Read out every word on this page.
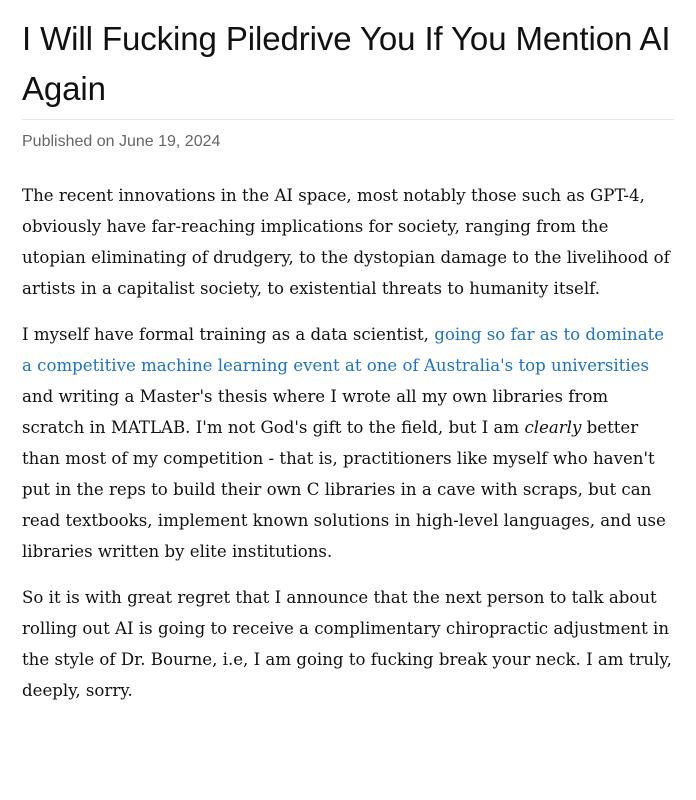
I Will Fucking Piledrive You If You Mention AI Again
Published on June 19, 2024

The recent innovations in the AI space, most notably those such as GPT-4, obviously have far-reaching implications for society, ranging from the utopian eliminating of drudgery, to the dystopian damage to the livelihood of artists in a capitalist society, to existential threats to humanity itself.

I myself have formal training as a data scientist, going so far as to dominate a competitive machine learning event at one of Australia's top universities and writing a Master's thesis where I wrote all my own libraries from scratch in MATLAB. I'm not God's gift to the field, but I am clearly better than most of my competition - that is, practitioners like myself who haven't put in the reps to build their own C libraries in a cave with scraps, but can read textbooks, implement known solutions in high-level languages, and use libraries written by elite institutions.

So it is with great regret that I announce that the next person to talk about rolling out AI is going to receive a complimentary chiropractic adjustment in the style of Dr. Bourne, i.e, I am going to fucking break your neck. I am truly, deeply, sorry.
